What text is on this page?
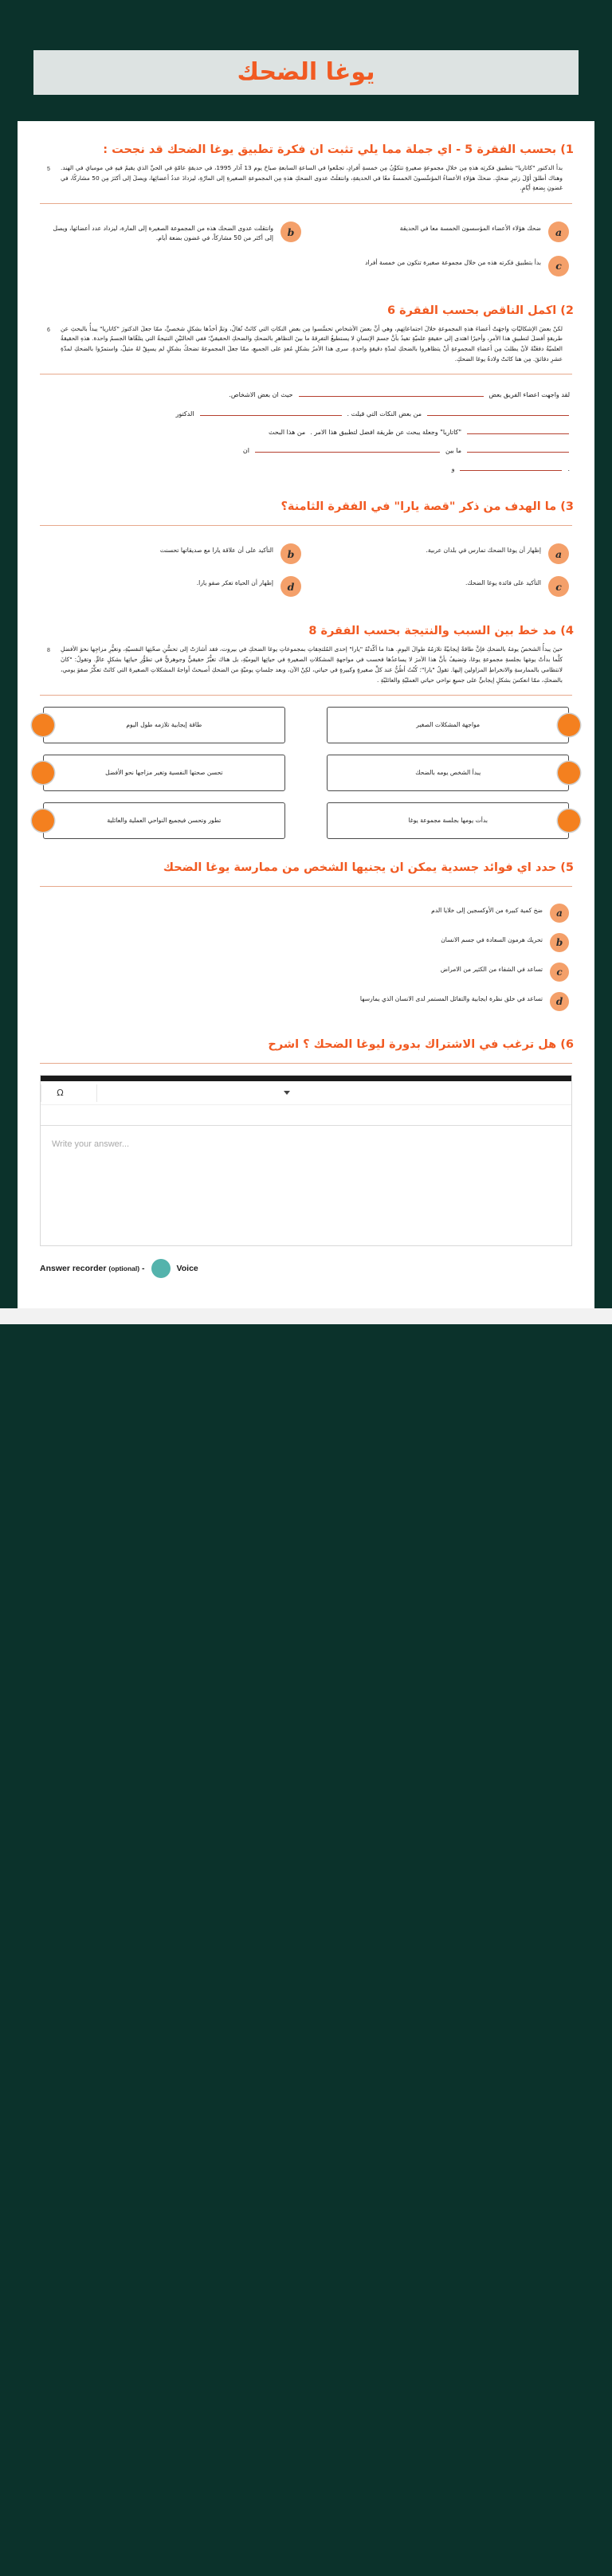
يوغا الضحك
1) بحسب الفقرة 5 - اي جملة مما يلي تثبت ان فكرة تطبيق يوغا الضحك قد نجحت :
5	بدأ الدكتور "كاتاريا" بتطبيق فكرتِه هذهِ مِن خلالِ مجموعةٍ صغيرةٍ تتكوَّنُ مِن خمسةِ أفرادٍ، تجمَّعوا في الساعةِ السابعةِ صباحَ يوم 13 آذار 1995، في حديقةٍ عامّةٍ في الحيِّ الذي يقيمُ فيهِ في مومباي في الهند. وهناك أطلقَ أوّلَ زئيرِ ضحكٍ. ضحكَ هؤلاءِ الأعضاءُ المؤسِّسونَ الخمسةُ معًا في الحديقةِ، وانتقلَتْ عدوى الضحكِ هذهِ مِن المجموعةِ الصغيرةِ إلى المارّةِ، ليزدادَ عددُ أعضائِها، ويصلَ إلى أكثرَ مِن 50 مشاركًا، في غضونِ بِضعةِ أيّامٍ.
a
ضحك هؤلاء الأعضاء المؤسسون الخمسة معا في الحديقة
b
وانتقلت عدوى الضحك هذه من المجموعة الصغيرة إلى المارة، ليزداد عدد أعضائها، ويصل إلى أكثر من 50 مشاركاً، في غضون بضعة أيام.
c
بدأ بتطبيق فكرته هذه من خلال مجموعة صغيرة تتكون من خمسة أفراد
2) اكمل الناقص بحسب الفقرة 6
6	لكنْ بعضَ الإشكاليّاتِ واجهَتْ أعضاءَ هذهِ المجموعةِ خلالَ اجتماعاتِهم، وهي أنَّ بعضَ الأشخاصِ تحسَّسوا مِن بعضِ النكاتِ التي كانَتْ تُقالُ، وتمَّ أخذُها بشكلٍ شخصيٍّ، ممّا جعلَ الدكتورَ "كاتاريا" يبدأُ بالبحثِ عن طريقةٍ أفضلَ لتطبيقِ هذا الأمرِ، وأخيرًا اهتدى إلى حقيقةٍ علميّةٍ تفيدُ بأنَّ جسمَ الإنسانِ لا يستطيعُ التفرِقةَ ما بينَ التظاهرِ بالضحكِ والضحكِ الحقيقيِّ؛ ففي الحالتَيْنِ النتيجةُ التي يتلقّاها الجسمُ واحدة. هذهِ الحقيقةُ العلميّةُ دفعَتْهُ لأنْ يطلبَ مِن أعضاءِ المجموعةِ أنْ يتظاهروا بالضحكِ لمدّةِ دقيقةٍ واحدةٍ. سرى هذا الأمرُ بشكلٍ مُعدٍ على الجميعِ، ممّا جعلَ المجموعةَ تضحكُ بشكلٍ لم يسبِقْ لهُ مثيلٌ، واستمرّوا بالضحكِ لمدّةِ عشرِ دقائقَ. مِن هنا كانَتْ ولادةُ يوغا الضحكِ.
لقد واجهت اعضاء الفريق بعض
حيث ان بعض الاشخاص.
من بعض النكات التي قيلت .
الدكتور
"كاتاريا" وجعلة يبحث عن طريقة افضل لتطبيق هذا الامر .
من هذا البحث
ما بين
ان
.
و
3) ما الهدف من ذكر "قصة يارا" في الفقرة الثامنة؟
a
إظهار أن يوغا الضحك تمارس في بلدان عربية.
b
التأكيد على أن علاقة يارا مع صديقاتها تحسنت
c
التأكيد على فائدة يوغا الضحك.
d
إظهار أن الحياة تعكر صفو يارا.
4) مد خط بين السبب والنتيجة بحسب الفقرة 8
8	حينَ يبدأُ الشخصُ يومَهُ بالضحكِ فإنَّ طاقةً إيجابيّةً تلازمُهُ طوالَ اليومِ. هذا ما أكّدتْهُ "يارا" إحدى المُلتحِقاتِ بمجموعاتِ يوغا الضحكِ في بيروت، فقد أشارَتْ إلى تحسُّنِ صحّتِها النفسيّةِ، وتغيُّرِ مزاجِها نحوَ الأفضلِ كلَّما بدأتْ يومَها بجلسةِ مجموعةِ يوغا، وتضيفُ بأنَّ هذا الأمرَ لا يساعدُها فحسب في مواجهةِ المشكلاتِ الصغيرةِ في حياتِها اليوميّةِ، بل هناك تغيُّرٌ حقيقيٌّ وجوهريٌّ في تطوُّرِ حياتِها بشكلٍ عامٍّ. وتقولُ: "كانَ لانتظامي بالممارسةِ والانخراطِ المزاولين إليها. تقولُ "يارا": كُنْتُ أظُنُّ عند كلِّ صغيرةٍ وكبيرةٍ في حياتي، لكِنْ الآن، وبعد جلساتٍ يوميّةٍ من الضحكِ أصبحتُ أواجهُ المشكلاتِ الصغيرةَ التي كانَتْ تعكِّرُ صفوَ يومي، بالضحكِ، ممّا انعكسَ بشكلٍ إيجابيٍّ على جميعِ نواحي حياتي العمليّةِ والعائليّةِ .
مواجهة المشكلات الصغير
طاقة إيجابية تلازمه طول اليوم
يبدأ الشخص يومه بالضحك
تحسن صحتها النفسية وتغير مزاجها نحو الأفضل
بدأت يومها بجلسة مجموعة يوغا
تطور وتحسن فيجميع النواحي العملية والعائلية
5) حدد اي فوائد جسدية يمكن ان يجنيها الشخص من ممارسة يوغا الضحك
a
ضخ كمية كبيرة من الأوكسجين إلى خلايا الدم
b
تحريك هرمون السعادة في جسم الانسان
c
تساعد في الشفاء من الكثير من الامراض
d
تساعد في خلق نظرة ايجابية والتفائل المستمر لدى الانسان الذي يمارسها
6) هل ترغب في الاشتراك بدورة ليوغا الضحك ؟ اشرح
Ω
Write your answer...
Answer recorder (optional) -	Voice
